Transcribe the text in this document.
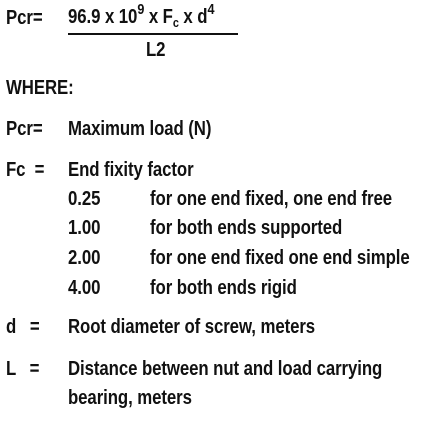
Pcr= 96.9 x $10^9$ x $F_c$ x $d^4$
L2
WHERE:
Pcr= Maximum load (N)
Fc  = End fixity factor
0.25 for one end fixed, one end free
1.00 for both ends supported
2.00 for one end fixed one end simple
4.00 for both ends rigid
d   = Root diameter of screw, meters
L   = Distance between nut and load carrying
bearing, meters
